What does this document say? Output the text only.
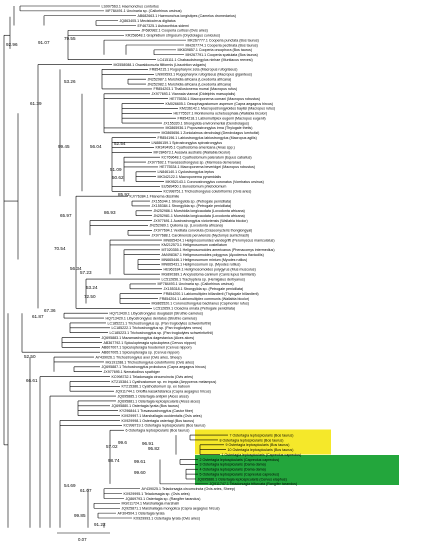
LS997563.1 Haemonchus contortus
MF784491.1 Uncinaria sp. (Callorhinus ursinus)
AB682663.1 Haemonchus longistipes (Camelus dromedarius)
JQ863405.1 Mecistocirrus digitatus
EF467325.1 Ashworthius sidemi
JF680982.1 Cooperia curticei (Ovis aries)
KR258648.1 Graphidium strigosum (Oryctolagus cuniculus)
MK267777.1 Cooperia punctata (Bos taurus)
MH267774.1 Cooperia pectinata (Bos taurus)
MK639857.1 Cooperia oncophora (Bos taurus)
MH267791.1 Cooperia spatulata (Bos taurus)
LC415111.1 Chabaudstrongylus ninhae (Muntiacus reevesi)
MG558088.1 Oswaldocruzia filiformis (Lissotriton vulgaris)
FR854215.1 Rugopharynx zeta (Macropus rufogriseus)
LN909593.1 Rugopharynx rufogriseus (Macropus giganteus)
JN252987.1 Murshidia africana (Loxodonta africana)
JN252982.1 Murshidia africana (Loxodonta africana)
FR854203.1 Thallostonema murrai (Macropus rufus)
JX977693.1 Viannaia viannai (Didelphis marsupialis)
HE775536.1 Macroponema comani (Macropus robustus)
KM026605.1 Oesophagostomum asperum (Capra aegagrus hircus)
KM236142.1 Macropostrongyloides baylisi (Macropus rufus)
HE775537.1 Monilonema ochetocephala (Wallabia bicolor)
FR854218.1 Labiomultiplex eugenii (Macropus eugenii)
JX155320.1 Strongylida environmental (Dendrolagus)
MG865936.1 Popovastrongylus irma (Thylogale thetis)
MG865656.1 Zoniolaimus dendrolagi (Dendrolagus lumholtzi)
FR854196.1 Labiostrongylus labiostrongylus (Macropus agilis)
LN886159.1 Spirostrongylus spirostrongylus
KR349495.1 Cyathostoma americana (Anas spp.)
MF284673.1 Ausavia australis (Wallabia bicolor)
KC769648.1 Cyathostomum pateratum (Equus caballus)
JX977692.1 Travassostrongylus sp. (Marmosa demerarae)
HE775534.1 Macroponema beveridgei (Macropus robustus)
LN846140.1 Cyclostrongylus leptos
MK342122.1 Macroponema pyramidalis
MK952143.1 Coronostrongylus coronatus (Vombatus ursinus)
EU589450.1 Bunostomum phlebotomum
KC998751.1 Trichostrongylus colubriformis (Ovis aries)
KJ776384.1 Filanema dissimile
JX155344.1 Strongylida sp. (Petrogale penicillata)
JX155384.1 Strongylida sp. (Petrogale penicillata)
JN252986.1 Murshidia longicaudata (Loxodonta africana)
JN252981.1 Murshidia longicaudata (Loxodonta africana)
JX977691.1 Austrostrongylus victoriensis (Wallabia bicolor)
JN252989.1 Quilonia sp. (Loxodonta africana)
JX977694.1 Vexillata convoluta (Craseonycteris thonglongyai)
JX977688.1 Carolinensis peruviensis (Nyctomys sumichrasti)
MN665424.1 Heligmosomoides vandegrifti (Peromyscus maniculatus)
KM212573.1 Heligmosomum costellatum
MT020355.1 Heligmosomoides americanus (Phenacomys intermedius)
AM498367.1 Heligmosomoides polygyrus (Apodemus flavicollis)
MN665446.1 Heligmosomum mixtum (Myodes rutilus)
MN665431.1 Heligmosomum sp. (Myodes rutilus)
HE963184.1 Heligmosomoides polygyrus (Mus musculus)
MG890389.1 Ancylostoma caninum (Canis lupus familiaris)
LC512656.1 Trachyptera sp. (Hemigalus derbyanus)
MF784493.1 Uncinaria sp. (Callorhinus ursinus)
JX155318.1 Strongylida sp. (Petrogale penicillata)
FR854200.1 Labiomultiplex billardierii (Thylogale billardierii)
FR854204.1 Labiomultiplex communis (Wallabia bicolor)
MG865520.1 Coronostrongylus bactrianus (Capinonter rufus)
LC512659.1 Cloacina ornata (Petrogale penicillata)
HQ713430.1 Libyostrongylus douglassii (Struthio camelus)
HQ713420.1 Libyostrongylus dentatus (Struthio camelus)
LC185221.1 Trichostrongylus sp. (Pan troglodytes schweinfurthii)
LC185222.1 Trichostrongylus sp. (Pan troglodytes verus)
LC185223.1 Trichostrongylus sp. (Pan troglodytes schweinfurthii)
JQ695883.1 Mazamastrongylus dagestanica (Alces alces)
AB367792.1 Spiculopteragia spiculoptera (Cervus nippon)
AB607007.1 Spiculopteragia houdemeri (Cervus nippon)
AB607005.1 Spiculopteragia sp. (Cervus nippon)
AY439026.1 Trichostrongylus axei (Ovis aries, Sheep)
MG191288.1 Trichostrongylus colubriformis (Ovis aries)
JQ695887.1 Trichostrongylus probolurus (Capra aegagrus hircus)
JX977695.1 Nematodirus spathiger
KC998732.1 Teladorsagia circumcincta (Ovis aries)
KT215384.1 Cyathostomum sp. ex impala (Aepyceros melampus)
KT215386.1 Cyathostomum sp. ex baboon
JQ911744.1 Orloffia kasakhstanica (Capra aegagrus hircus)
JQ695885.1 Ostertagia antipini (Alces alces)
JQ695881.1 Ostertagia leptospicularis (Alces alces)
JQ695880.1 Ostertagia lyrata (Bos taurus)
KY296844.1 Travassostrongylus (Castor fiber)
KX929997.1 Marshallagia occidentalis (Ovis aries)
KX929998.1 Ostertagia ostertagi (Bos taurus)
KC998719.1 Ostertagia leptospicularis (Bos taurus)
6 Ostertagia leptospicularis (Bos taurus)
7 Ostertagia leptospicularis (Bos taurus)
8 Ostertagia leptospicularis (Bos taurus)
9 Ostertagia leptospicularis (Bos taurus)
10 Ostertagia leptospicularis (Bos taurus)
1 Ostertagia leptospicularis (Capreolus capreolus)
2 Ostertagia leptospicularis (Capreolus capreolus)
3 Ostertagia leptospicularis (Dama dama)
4 Ostertagia leptospicularis (Dama dama)
5 Ostertagia leptospicularis (Capreolus capreolus)
JQ695886.1 Ostertagia leptospicularis (Cervus elaphus)
JQ911747.1 Teladorsagia trifurcata (Rangifer tarandus)
AY439025.1 Teladorsagia circumcincta (Ovis aries, Sheep)
KX929995.1 Teladorsagia sp. (Ovis aries)
JQ869793.1 Ostertagia sp. (Rangifer tarandus)
MG011724.1 Marshallagia marshalli
JQ925871.1 Marshallagia mongolica (Capra aegagrus hircus)
AF304504.1 Ostertagia lyrata
KX929993.1 Ostertagia lyrata (Ovis aries)
92.96	91.07
79.55
53.26
61.39
56.04
52.54
99.45
51.09
50.62
85.92
86.93
65.97
70.54
56.34
57.23
53.24
72.50
67.36
61.87
52.50
66.61
57.02
99.6	96.91
95.82
99.61
98.74
99.60
54.69
61.07
99.85
91.22
0.07
